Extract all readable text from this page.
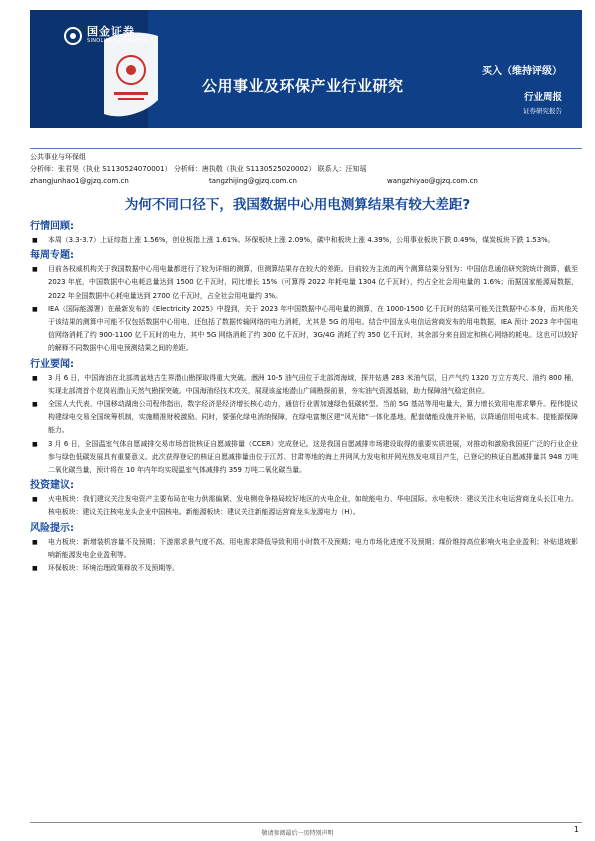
国金证券
SINOLINK SECURITIES
公用事业及环保产业行业研究
买入（维持评级）
行业周报
证券研究报告
公共事业与环保组
分析师：张君昊（执业 S1130524070001） 分析师：唐执敬（执业 S1130525020002） 联系人：汪知瑶
zhangjunhao1@gjzq.com.cn	tangzhijing@gjzq.com.cn	wangzhiyao@gjzq.com.cn
为何不同口径下，我国数据中心用电测算结果有较大差距?
行情回顾:
■ 本周（3.3-3.7）上证综指上涨 1.56%，创业板指上涨 1.61%。环保板块上涨 2.09%，碳中和板块上涨 4.39%，公用事业板块下跌 0.49%，煤炭板块下跌 1.53%。
每周专题:
■ 目前各权威机构关于我国数据中心用电量都进行了较为详细的测算，但测算结果存在较大的差距。目前较为主流的两个测算结果分别为：中国信息通信研究院统计测算，截至 2023 年底，中国数据中心电耗总量达到 1500 亿千瓦时，同比增长 15%（可算得 2022 年耗电量 1304 亿千瓦时），约占全社会用电量的 1.6%；而据国家能源局数据，2022 年全国数据中心耗电量达到 2700 亿千瓦时，占全社会用电量约 3%。
■ IEA（国际能源署）在最新发布的《Electricity 2025》中提到，关于 2023 年中国数据中心用电量的测算，在 1000-1500 亿千瓦时的结果可能关注数据中心本身，而其他关于该结果的测算中可能不仅包括数据中心用电，还包括了数据传输网络的电力消耗，尤其是 5G 的用电。结合中国龙头电信运营商发布的用电数据，IEA 预计 2023 年中国电信网络消耗了约 900-1100 亿千瓦时的电力，其中 5G 网络消耗了约 300 亿千瓦时，3G/4G 消耗了约 350 亿千瓦时，其余部分来自固定和核心网络的耗电。这也可以较好的解释不同数据中心用电预测结果之间的差距。
行业要闻:
■ 3 月 6 日，中国海油在北部湾盆地古生界潜山勘探取得重大突破。涠洲 10-5 油气田位于北部湾海域，探井钻遇 283 米油气层，日产气约 1320 万立方英尺、油约 800 桶，实现北部湾首个花岗岩潜山天然气勘探突破。中国海油经技术攻关，展现该盆地潜山广阔勘探前景，夯实油气资源基础，助力保障油气稳定供应。
■ 全国人大代表、中国移动湖南公司程伟指出，数字经济是经济增长核心动力，通信行业需加速绿色低碳转型。当前 5G 基站等用电量大，算力增长致用电需求攀升。程伟提议构建绿电交易全国统筹机制，实施精准财税激励。同时，要强化绿电消纳保障，在绿电富集区建“风光储”一体化基地，配套储能设施并补贴，以降通信用电成本、提能源保障能力。
■ 3 月 6 日，全国温室气体自愿减排交易市场首批核证自愿减排量（CCER）完成登记。这是我国自愿减排市场建设取得的重要实质进展，对推动和激励我国更广泛的行业企业参与绿色低碳发展具有重要意义。此次获得登记的核证自愿减排量由位于江苏、甘肃等地的海上并网风力发电和并网光热发电项目产生，已登记的核证自愿减排量共 948 万吨二氧化碳当量，预计将在 10 年内年均实现温室气体减排约 359 万吨二氧化碳当量。
投资建议:
■ 火电板块：我们建议关注发电资产主要布局在电力供需偏紧、发电侧竞争格局较好地区的火电企业，如皖能电力、华电国际。水电板块：建议关注水电运营商龙头长江电力。核电板块：建议关注核电龙头企业中国核电。新能源板块：建议关注新能源运营商龙头龙源电力（H）。
风险提示:
■ 电力板块：新增装机容量不及预期；下游需求景气度不高、用电需求降低导致利用小时数不及预期；电力市场化进度不及预期；煤价维持高位影响火电企业盈利；补贴退坡影响新能源发电企业盈利等。
■ 环保板块：环境治理政策释放不及预期等。
敬请参阅最后一页特别声明	1
